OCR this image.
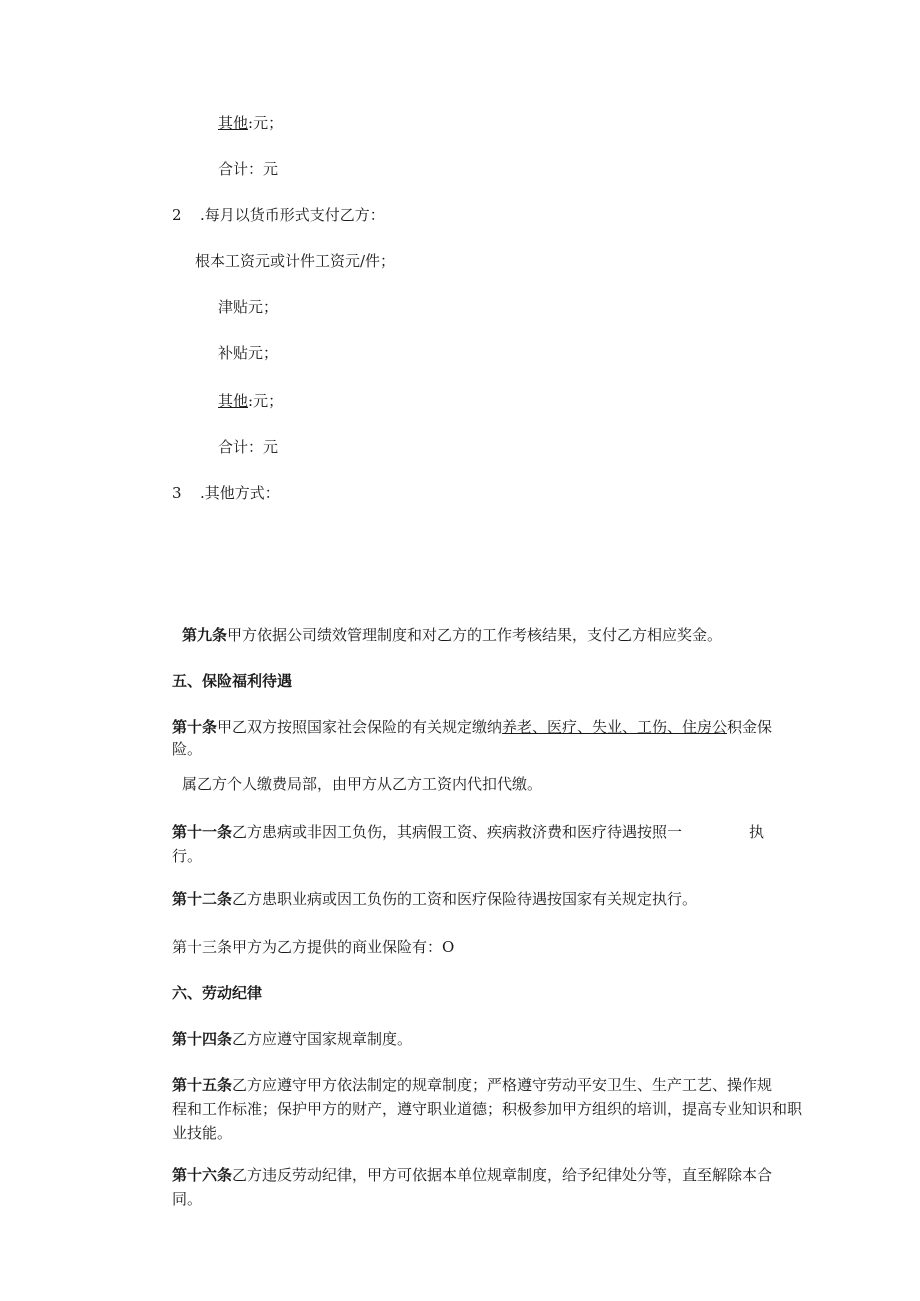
其他:元；
合计：元
2 .每月以货币形式支付乙方：
根本工资元或计件工资元/件；
津贴元；
补贴元；
其他:元；
合计：元
3 .其他方式：
第九条甲方依据公司绩效管理制度和对乙方的工作考核结果，支付乙方相应奖金。
五、保险福利待遇
第十条甲乙双方按照国家社会保险的有关规定缴纳养老、医疗、失业、工伤、住房公积金保
险。
属乙方个人缴费局部，由甲方从乙方工资内代扣代缴。
第十一条乙方患病或非因工负伤，其病假工资、疾病救济费和医疗待遇按照一	执
行。
第十二条乙方患职业病或因工负伤的工资和医疗保险待遇按国家有关规定执行。
第十三条甲方为乙方提供的商业保险有：O
六、劳动纪律
第十四条乙方应遵守国家规章制度。
第十五条乙方应遵守甲方依法制定的规章制度；严格遵守劳动平安卫生、生产工艺、操作规
程和工作标准；保护甲方的财产，遵守职业道德；积极参加甲方组织的培训，提高专业知识和职
业技能。
第十六条乙方违反劳动纪律，甲方可依据本单位规章制度，给予纪律处分等，直至解除本合
同。
